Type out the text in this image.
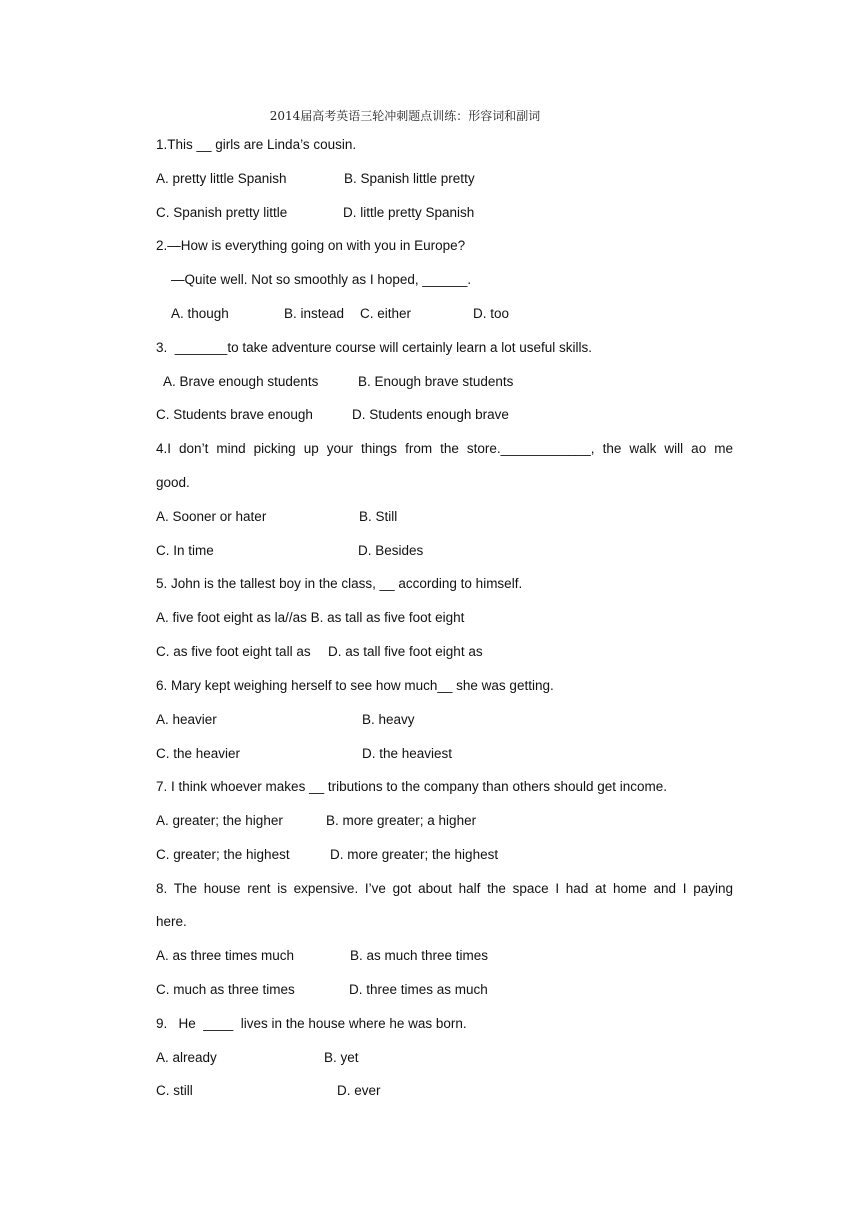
2014届高考英语三轮冲刺题点训练：形容词和副词
1.This __ girls are Linda’s cousin.
A. pretty little Spanish	B. Spanish little pretty
C. Spanish pretty little	D. little pretty Spanish
2.—How is everything going on with you in Europe?
—Quite well. Not so smoothly as I hoped, ______.
A. though	B. instead C. either	D. too
3.  _______to take adventure course will certainly learn a lot useful skills.
A. Brave enough students	B. Enough brave students
C. Students brave enough	D. Students enough brave
4.I don’t mind picking up your things from the store.____________, the walk will ao me
good.
A. Sooner or hater	B. Still
C. In time	D. Besides
5. John is the tallest boy in the class, __ according to himself.
A. five foot eight as la//as B. as tall as five foot eight
C. as five foot eight tall as D. as tall five foot eight as
6. Mary kept weighing herself to see how much__ she was getting.
A. heavier	B. heavy
C. the heavier	D. the heaviest
7. I think whoever makes __ tributions to the company than others should get income.
A. greater; the higher	B. more greater; a higher
C. greater; the highest	D. more greater; the highest
8. The house rent is expensive. I’ve got about half the space I had at home and I paying
here.
A. as three times much	B. as much three times
C. much as three times	D. three times as much
9.   He  ____  lives in the house where he was born.
A. already	B. yet
C. still	D. ever
